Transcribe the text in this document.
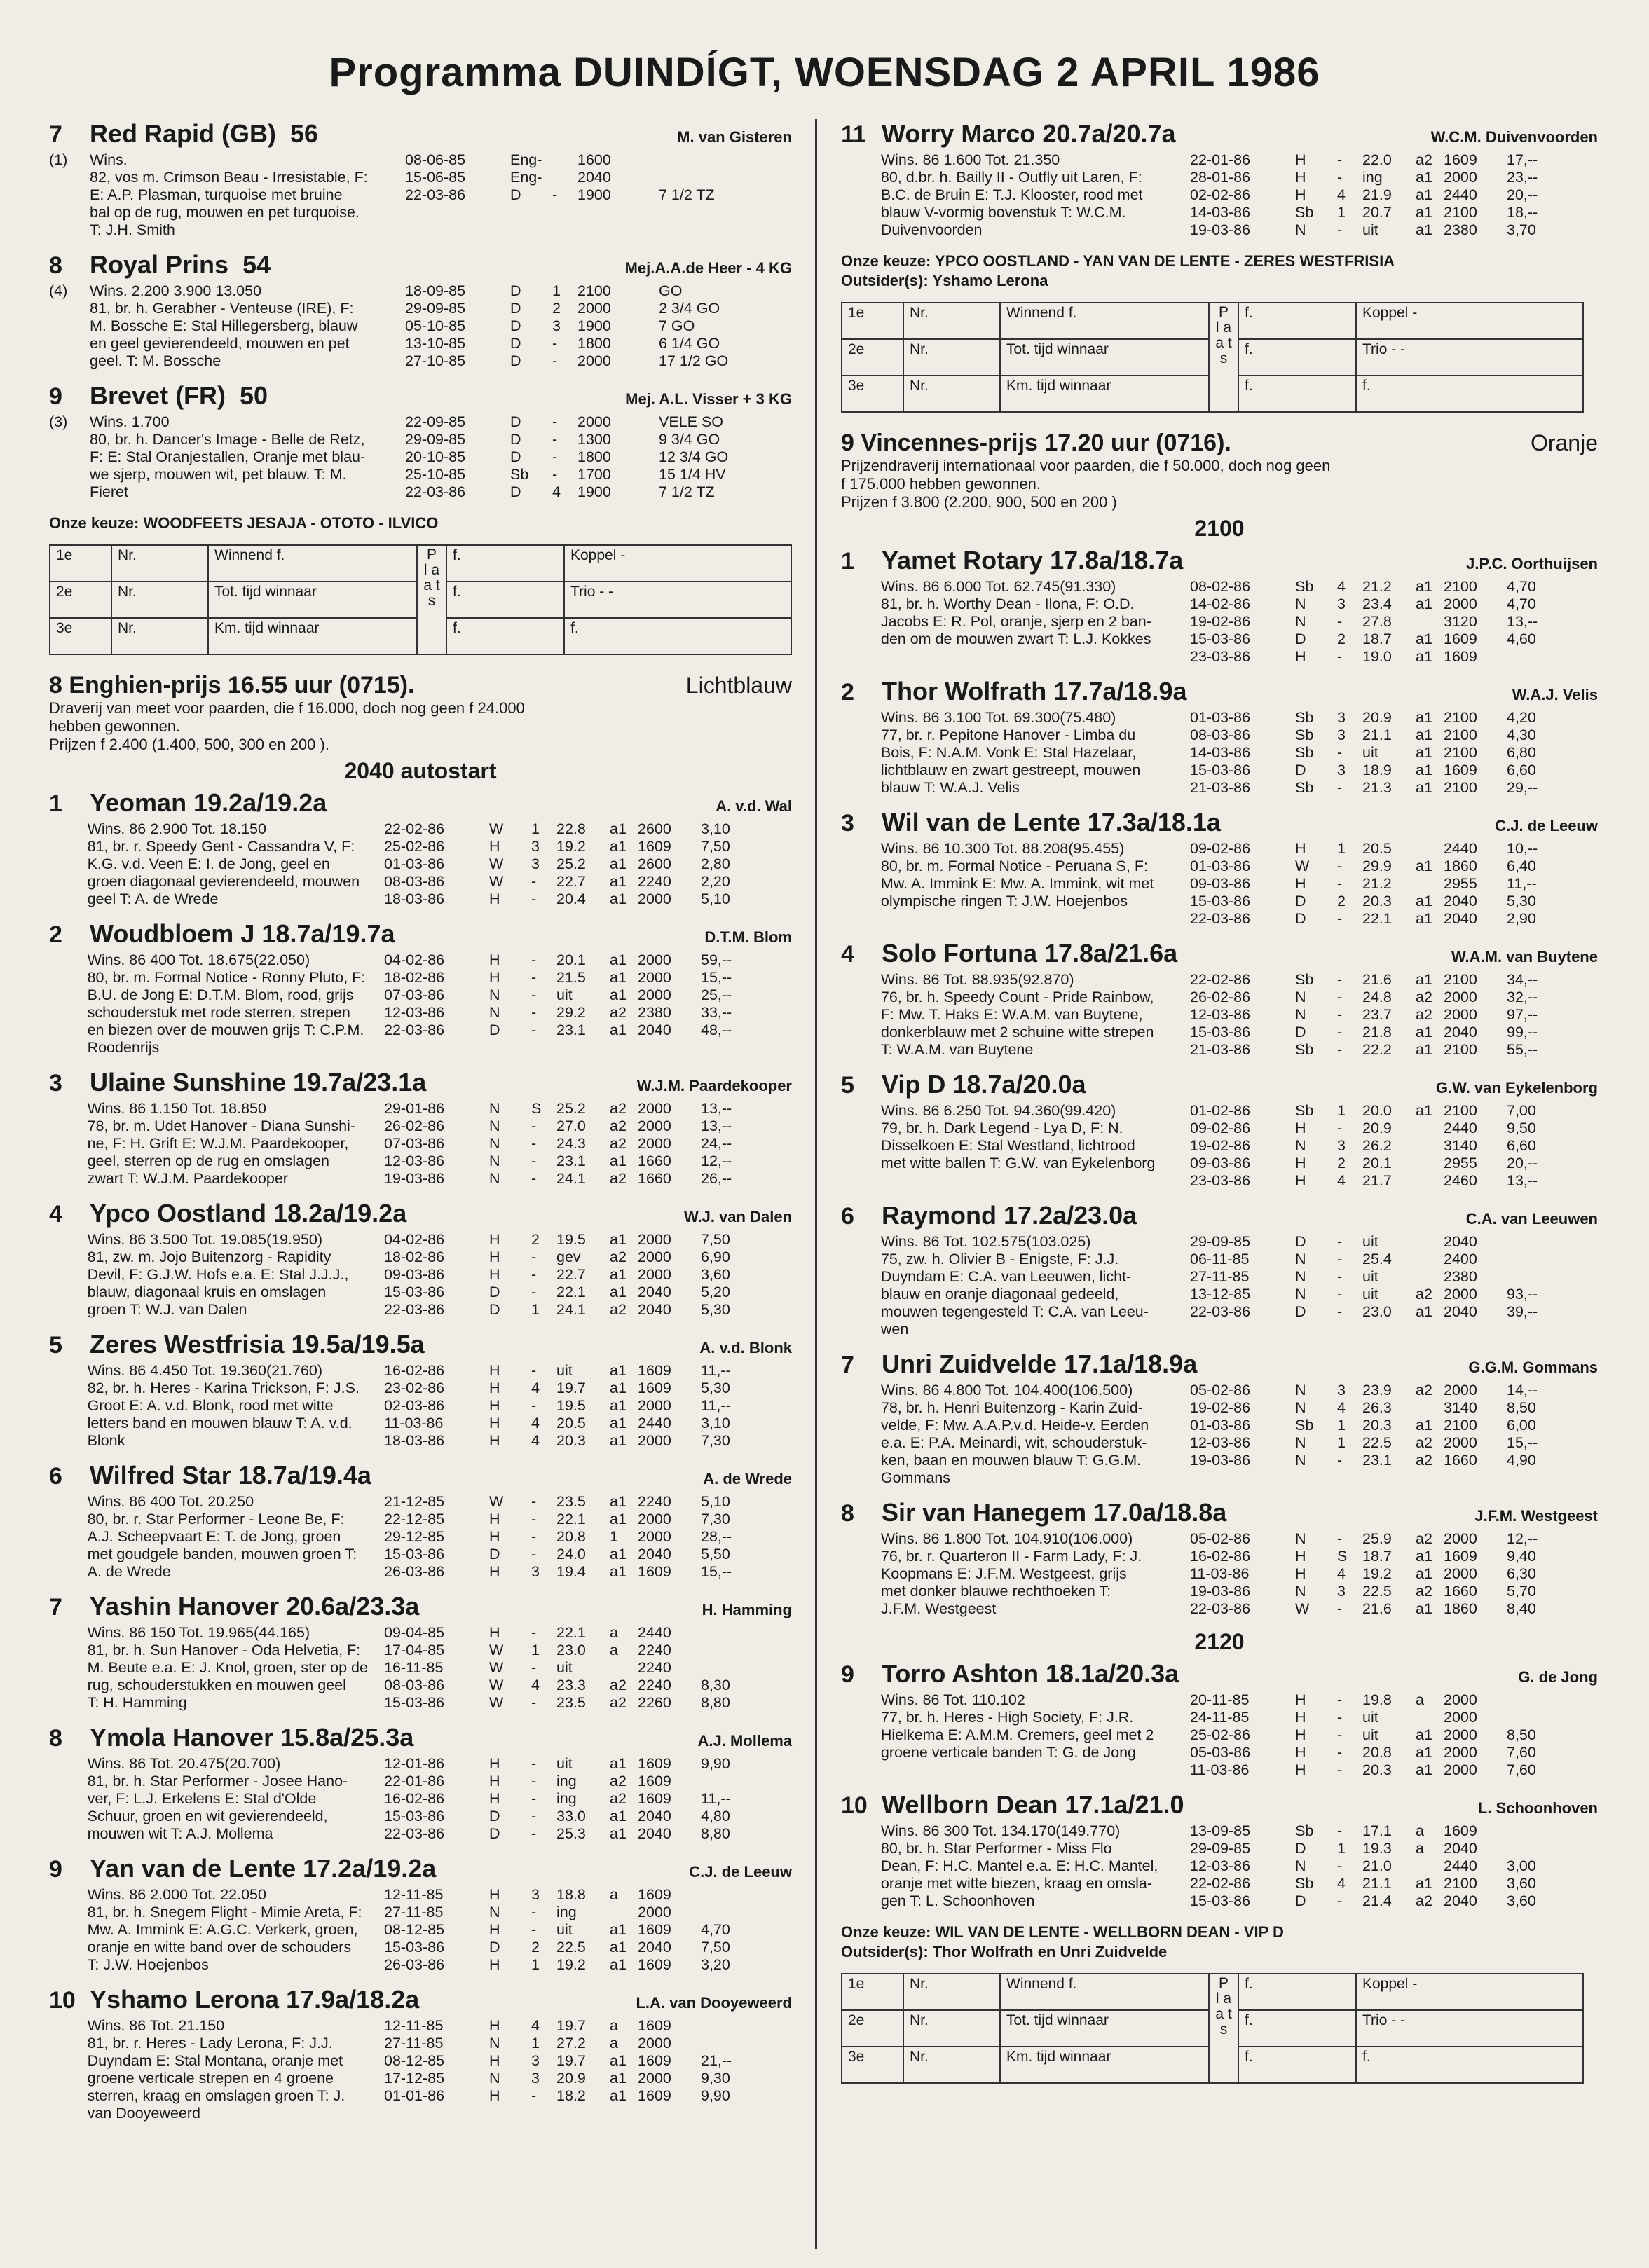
Programma DUINDÍGT, WOENSDAG 2 APRIL 1986
7	Red Rapid (GB) 56	M. van Gisteren
(1)	Wins.
82, vos m. Crimson Beau - Irresistable, F:
E: A.P. Plasman, turquoise met bruine
bal op de rug, mouwen en pet turquoise.
T: J.H. Smith
08-06-85	Eng-	1600
15-06-85	Eng-	2040
22-03-86	D	-	1900	7 1/2 TZ
8	Royal Prins 54	Mej.A.A.de Heer - 4 KG
(4)	Wins. 2.200 3.900 13.050
81, br. h. Gerabher - Venteuse (IRE), F:
M. Bossche E: Stal Hillegersberg, blauw
en geel gevierendeeld, mouwen en pet
geel. T: M. Bossche
18-09-85	D	1	2100	GO
29-09-85	D	2	2000	2 3/4 GO
05-10-85	D	3	1900	7 GO
13-10-85	D	-	1800	6 1/4 GO
27-10-85	D	-	2000	17 1/2 GO
9	Brevet (FR) 50	Mej. A.L. Visser + 3 KG
(3)	Wins. 1.700
80, br. h. Dancer's Image - Belle de Retz,
F: E: Stal Oranjestallen, Oranje met blau-
we sjerp, mouwen wit, pet blauw. T: M.
Fieret
22-09-85	D	-	2000	VELE SO
29-09-85	D	-	1300	9 3/4 GO
20-10-85	D	-	1800	12 3/4 GO
25-10-85	Sb	-	1700	15 1/4 HV
22-03-86	D	4	1900	7 1/2 TZ
Onze keuze: WOODFEETS JESAJA - OTOTO - ILVICO
1e	Nr.	Winnend f.	P l a a t s	f.	Koppel -
2e	Nr.	Tot. tijd winnaar		f.	Trio - -
3e	Nr.	Km. tijd winnaar		f.	f.
8 Enghien-prijs 16.55 uur (0715).	Lichtblauw
Draverij van meet voor paarden, die f 16.000, doch nog geen f 24.000
hebben gewonnen.
Prijzen f 2.400 (1.400, 500, 300 en 200 ).
2040 autostart
1	Yeoman 19.2a/19.2a	A. v.d. Wal
Wins. 86 2.900 Tot. 18.150
81, br. r. Speedy Gent - Cassandra V, F:
K.G. v.d. Veen E: I. de Jong, geel en
groen diagonaal gevierendeeld, mouwen
geel T: A. de Wrede
22-02-86	W	1	22.8	a1 2600	3,10
25-02-86	H	3	19.2	a1 1609	7,50
01-03-86	W	3	25.2	a1 2600	2,80
08-03-86	W	-	22.7	a1 2240	2,20
18-03-86	H	-	20.4	a1 2000	5,10
2	Woudbloem J 18.7a/19.7a	D.T.M. Blom
Wins. 86 400 Tot. 18.675(22.050)
80, br. m. Formal Notice - Ronny Pluto, F:
B.U. de Jong E: D.T.M. Blom, rood, grijs
schouderstuk met rode sterren, strepen
en biezen over de mouwen grijs T: C.P.M.
Roodenrijs
04-02-86	H	-	20.1	a1 2000	59,--
18-02-86	H	-	21.5	a1 2000	15,--
07-03-86	N	-	uit	a1 2000	25,--
12-03-86	N	-	29.2	a2 2380	33,--
22-03-86	D	-	23.1	a1 2040	48,--
3	Ulaine Sunshine 19.7a/23.1a	W.J.M. Paardekooper
Wins. 86 1.150 Tot. 18.850
78, br. m. Udet Hanover - Diana Sunshi-
ne, F: H. Grift E: W.J.M. Paardekooper,
geel, sterren op de rug en omslagen
zwart T: W.J.M. Paardekooper
29-01-86	N	S	25.2	a2 2000	13,--
26-02-86	N	-	27.0	a2 2000	13,--
07-03-86	N	-	24.3	a2 2000	24,--
12-03-86	N	-	23.1	a1 1660	12,--
19-03-86	N	-	24.1	a2 1660	26,--
4	Ypco Oostland 18.2a/19.2a	W.J. van Dalen
Wins. 86 3.500 Tot. 19.085(19.950)
81, zw. m. Jojo Buitenzorg - Rapidity
Devil, F: G.J.W. Hofs e.a. E: Stal J.J.J.,
blauw, diagonaal kruis en omslagen
groen T: W.J. van Dalen
04-02-86	H	2	19.5	a1 2000	7,50
18-02-86	H	-	gev	a2 2000	6,90
09-03-86	H	-	22.7	a1 2000	3,60
15-03-86	D	-	22.1	a1 2040	5,20
22-03-86	D	1	24.1	a2 2040	5,30
5	Zeres Westfrisia 19.5a/19.5a	A. v.d. Blonk
Wins. 86 4.450 Tot. 19.360(21.760)
82, br. h. Heres - Karina Trickson, F: J.S.
Groot E: A. v.d. Blonk, rood met witte
letters band en mouwen blauw T: A. v.d.
Blonk
16-02-86	H	-	uit	a1 1609	11,--
23-02-86	H	4	19.7	a1 1609	5,30
02-03-86	H	-	19.5	a1 2000	11,--
11-03-86	H	4	20.5	a1 2440	3,10
18-03-86	H	4	20.3	a1 2000	7,30
6	Wilfred Star 18.7a/19.4a	A. de Wrede
Wins. 86 400 Tot. 20.250
80, br. r. Star Performer - Leone Be, F:
A.J. Scheepvaart E: T. de Jong, groen
met goudgele banden, mouwen groen T:
A. de Wrede
21-12-85	W	-	23.5	a1 2240	5,10
22-12-85	H	-	22.1	a1 2000	7,30
29-12-85	H	-	20.8	1	2000	28,--
15-03-86	D	-	24.0	a1 2040	5,50
26-03-86	H	3	19.4	a1 1609	15,--
7	Yashin Hanover 20.6a/23.3a	H. Hamming
Wins. 86 150 Tot. 19.965(44.165)
81, br. h. Sun Hanover - Oda Helvetia, F:
M. Beute e.a. E: J. Knol, groen, ster op de
rug, schouderstukken en mouwen geel
T: H. Hamming
09-04-85	H	-	22.1	a	2440
17-04-85	W	1	23.0	a	2240
16-11-85	W	-	uit	2240
08-03-86	W	4	23.3	a2 2240	8,30
15-03-86	W	-	23.5	a2 2260	8,80
8	Ymola Hanover 15.8a/25.3a	A.J. Mollema
Wins. 86 Tot. 20.475(20.700)
81, br. h. Star Performer - Josee Hano-
ver, F: L.J. Erkelens E: Stal d'Olde
Schuur, groen en wit gevierendeeld,
mouwen wit T: A.J. Mollema
12-01-86	H	-	uit	a1 1609	9,90
22-01-86	H	-	ing	a2 1609
16-02-86	H	-	ing	a2 1609	11,--
15-03-86	D	-	33.0	a1 2040	4,80
22-03-86	D	-	25.3	a1 2040	8,80
9	Yan van de Lente 17.2a/19.2a	C.J. de Leeuw
Wins. 86 2.000 Tot. 22.050
81, br. h. Snegem Flight - Mimie Areta, F:
Mw. A. Immink E: A.G.C. Verkerk, groen,
oranje en witte band over de schouders
T: J.W. Hoejenbos
12-11-85	H	3	18.8	a	1609
27-11-85	N	-	ing	2000
08-12-85	H	-	uit	a1 1609	4,70
15-03-86	D	2	22.5	a1 2040	7,50
26-03-86	H	1	19.2	a1 1609	3,20
10 Yshamo Lerona 17.9a/18.2a	L.A. van Dooyeweerd
Wins. 86 Tot. 21.150
81, br. r. Heres - Lady Lerona, F: J.J.
Duyndam E: Stal Montana, oranje met
groene verticale strepen en 4 groene
sterren, kraag en omslagen groen T: J.
van Dooyeweerd
12-11-85	H	4	19.7	a	1609
27-11-85	N	1	27.2	a	2000
08-12-85	H	3	19.7	a1 1609	21,--
17-12-85	N	3	20.9	a1 2000	9,30
01-01-86	H	-	18.2	a1 1609	9,90
11 Worry Marco 20.7a/20.7a	W.C.M. Duivenvoorden
Wins. 86 1.600 Tot. 21.350
80, d.br. h. Bailly II - Outfly uit Laren, F:
B.C. de Bruin E: T.J. Klooster, rood met
blauw V-vormig bovenstuk T: W.C.M.
Duivenvoorden
22-01-86	H	-	22.0	a2 1609	17,--
28-01-86	H	-	ing	a1 2000	23,--
02-02-86	H	4	21.9	a1 2440	20,--
14-03-86	Sb	1	20.7	a1 2100	18,--
19-03-86	N	-	uit	a1 2380	3,70
Onze keuze: YPCO OOSTLAND - YAN VAN DE LENTE - ZERES WESTFRISIA
Outsider(s): Yshamo Lerona
1e	Nr.	Winnend f.	P l a a t s	f.	Koppel -
2e	Nr.	Tot. tijd winnaar		f.	Trio - -
3e	Nr.	Km. tijd winnaar		f.	f.
9 Vincennes-prijs 17.20 uur (0716).	Oranje
Prijzendraverij internationaal voor paarden, die f 50.000, doch nog geen
f 175.000 hebben gewonnen.
Prijzen f 3.800 (2.200, 900, 500 en 200 )
2100
1	Yamet Rotary 17.8a/18.7a	J.P.C. Oorthuijsen
Wins. 86 6.000 Tot. 62.745(91.330)
81, br. h. Worthy Dean - Ilona, F: O.D.
Jacobs E: R. Pol, oranje, sjerp en 2 ban-
den om de mouwen zwart T: L.J. Kokkes
08-02-86	Sb	4	21.2	a1 2100	4,70
14-02-86	N	3	23.4	a1 2000	4,70
19-02-86	N	-	27.8	3120	13,--
15-03-86	D	2	18.7	a1 1609	4,60
23-03-86	H	-	19.0	a1 1609
2	Thor Wolfrath 17.7a/18.9a	W.A.J. Velis
Wins. 86 3.100 Tot. 69.300(75.480)
77, br. r. Pepitone Hanover - Limba du
Bois, F: N.A.M. Vonk E: Stal Hazelaar,
lichtblauw en zwart gestreept, mouwen
blauw T: W.A.J. Velis
01-03-86	Sb	3	20.9	a1 2100	4,20
08-03-86	Sb	3	21.1	a1 2100	4,30
14-03-86	Sb	-	uit	a1 2100	6,80
15-03-86	D	3	18.9	a1 1609	6,60
21-03-86	Sb	-	21.3	a1 2100	29,--
3	Wil van de Lente 17.3a/18.1a	C.J. de Leeuw
Wins. 86 10.300 Tot. 88.208(95.455)
80, br. m. Formal Notice - Peruana S, F:
Mw. A. Immink E: Mw. A. Immink, wit met
olympische ringen T: J.W. Hoejenbos
09-02-86	H	1	20.5	2440	10,--
01-03-86	W	-	29.9	a1 1860	6,40
09-03-86	H	-	21.2	2955	11,--
15-03-86	D	2	20.3	a1 2040	5,30
22-03-86	D	-	22.1	a1 2040	2,90
4	Solo Fortuna 17.8a/21.6a	W.A.M. van Buytene
Wins. 86 Tot. 88.935(92.870)
76, br. h. Speedy Count - Pride Rainbow,
F: Mw. T. Haks E: W.A.M. van Buytene,
donkerblauw met 2 schuine witte strepen
T: W.A.M. van Buytene
22-02-86	Sb	-	21.6	a1 2100	34,--
26-02-86	N	-	24.8	a2 2000	32,--
12-03-86	N	-	23.7	a2 2000	97,--
15-03-86	D	-	21.8	a1 2040	99,--
21-03-86	Sb	-	22.2	a1 2100	55,--
5	Vip D 18.7a/20.0a	G.W. van Eykelenborg
Wins. 86 6.250 Tot. 94.360(99.420)
79, br. h. Dark Legend - Lya D, F: N.
Disselkoen E: Stal Westland, lichtrood
met witte ballen T: G.W. van Eykelenborg
01-02-86	Sb	1	20.0	a1 2100	7,00
09-02-86	H	-	20.9	2440	9,50
19-02-86	N	3	26.2	3140	6,60
09-03-86	H	2	20.1	2955	20,--
23-03-86	H	4	21.7	2460	13,--
6	Raymond 17.2a/23.0a	C.A. van Leeuwen
Wins. 86 Tot. 102.575(103.025)
75, zw. h. Olivier B - Enigste, F: J.J.
Duyndam E: C.A. van Leeuwen, licht-
blauw en oranje diagonaal gedeeld,
mouwen tegengesteld T: C.A. van Leeu-
wen
29-09-85	D	-	uit	2040
06-11-85	N	-	25.4	2400
27-11-85	N	-	uit	2380
13-12-85	N	-	uit	a2 2000	93,--
22-03-86	D	-	23.0	a1 2040	39,--
7	Unri Zuidvelde 17.1a/18.9a	G.G.M. Gommans
Wins. 86 4.800 Tot. 104.400(106.500)
78, br. h. Henri Buitenzorg - Karin Zuid-
velde, F: Mw. A.A.P.v.d. Heide-v. Eerden
e.a. E: P.A. Meinardi, wit, schouderstuk-
ken, baan en mouwen blauw T: G.G.M.
Gommans
05-02-86	N	3	23.9	a2 2000	14,--
19-02-86	N	4	26.3	3140	8,50
01-03-86	Sb	1	20.3	a1 2100	6,00
12-03-86	N	1	22.5	a2 2000	15,--
19-03-86	N	-	23.1	a2 1660	4,90
8	Sir van Hanegem 17.0a/18.8a	J.F.M. Westgeest
Wins. 86 1.800 Tot. 104.910(106.000)
76, br. r. Quarteron II - Farm Lady, F: J.
Koopmans E: J.F.M. Westgeest, grijs
met donker blauwe rechthoeken T:
J.F.M. Westgeest
05-02-86	N	-	25.9	a2 2000	12,--
16-02-86	H	S	18.7	a1 1609	9,40
11-03-86	H	4	19.2	a1 2000	6,30
19-03-86	N	3	22.5	a2 1660	5,70
22-03-86	W	-	21.6	a1 1860	8,40
2120
9	Torro Ashton 18.1a/20.3a	G. de Jong
Wins. 86 Tot. 110.102
77, br. h. Heres - High Society, F: J.R.
Hielkema E: A.M.M. Cremers, geel met 2
groene verticale banden T: G. de Jong
20-11-85	H	-	19.8	a	2000
24-11-85	H	-	uit	2000
25-02-86	H	-	uit	a1 2000	8,50
05-03-86	H	-	20.8	a1 2000	7,60
11-03-86	H	-	20.3	a1 2000	7,60
10 Wellborn Dean 17.1a/21.0	L. Schoonhoven
Wins. 86 300 Tot. 134.170(149.770)
80, br. h. Star Performer - Miss Flo
Dean, F: H.C. Mantel e.a. E: H.C. Mantel,
oranje met witte biezen, kraag en omsla-
gen T: L. Schoonhoven
13-09-85	Sb	-	17.1	a	1609
29-09-85	D	1	19.3	a	2040
12-03-86	N	-	21.0	2440	3,00
22-02-86	Sb	4	21.1	a1 2100	3,60
15-03-86	D	-	21.4	a2 2040	3,60
Onze keuze: WIL VAN DE LENTE - WELLBORN DEAN - VIP D
Outsider(s): Thor Wolfrath en Unri Zuidvelde
1e	Nr.	Winnend f.	P l a a t s	f.	Koppel -
2e	Nr.	Tot. tijd winnaar		f.	Trio - -
3e	Nr.	Km. tijd winnaar		f.	f.
